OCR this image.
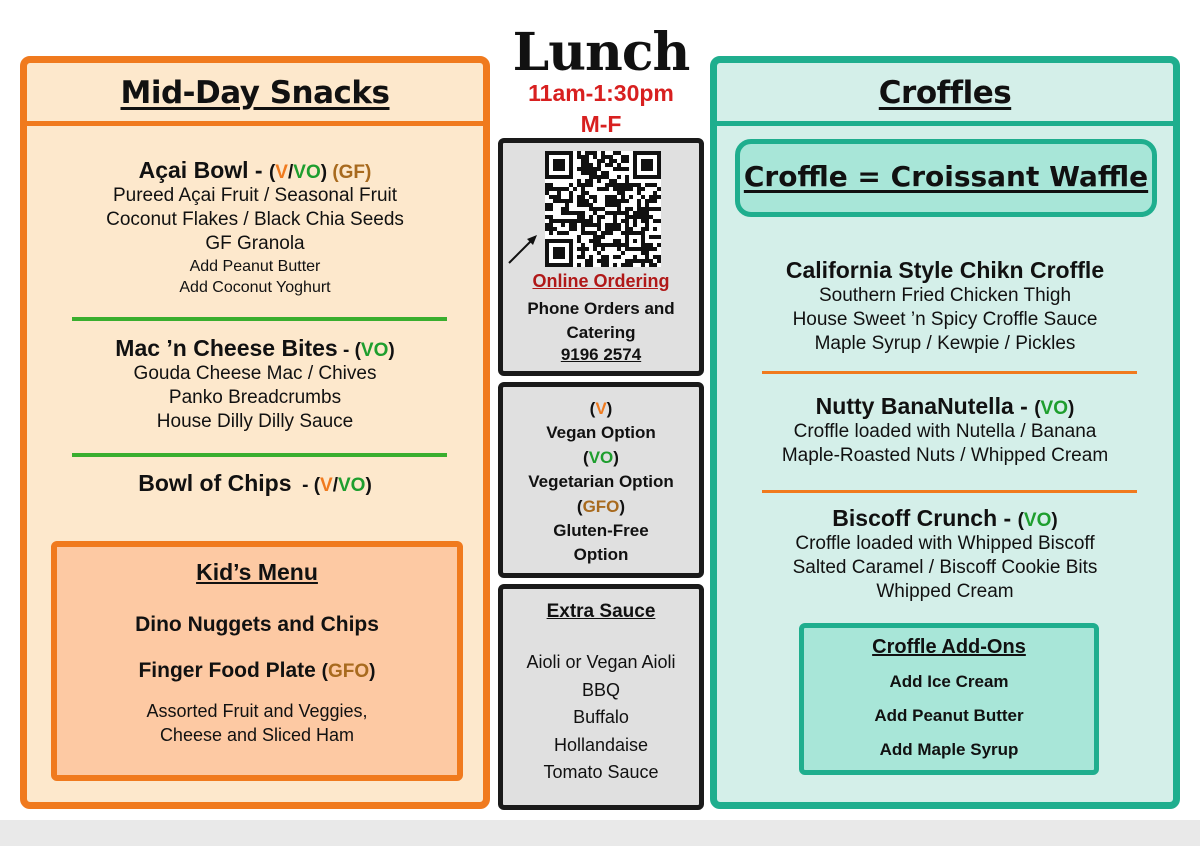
Mid-Day Snacks
Açai Bowl - (V/VO) (GF)
Pureed Açai Fruit / Seasonal Fruit
Coconut Flakes / Black Chia Seeds
GF Granola
Add Peanut Butter
Add Coconut Yoghurt
Mac ’n Cheese Bites - (VO)
Gouda Cheese Mac / Chives
Panko Breadcrumbs
House Dilly Dilly Sauce
Bowl of Chips  - (V/VO)
Kid’s Menu
Dino Nuggets and Chips
Finger Food Plate (GFO)
Assorted Fruit and Veggies,
Cheese and Sliced Ham
Lunch
11am-1:30pm
M-F
Online Ordering
Phone Orders and
Catering
9196 2574
(V)
Vegan Option
(VO)
Vegetarian Option
(GFO)
Gluten-Free
Option
Extra Sauce
Aioli or Vegan Aioli
BBQ
Buffalo
Hollandaise
Tomato Sauce
Croffles
Croffle = Croissant Waffle
California Style Chikn Croffle
Southern Fried Chicken Thigh
House Sweet ’n Spicy Croffle Sauce
Maple Syrup / Kewpie / Pickles
Nutty BanaNutella - (VO)
Croffle loaded with Nutella / Banana
Maple-Roasted Nuts / Whipped Cream
Biscoff Crunch - (VO)
Croffle loaded with Whipped Biscoff
Salted Caramel / Biscoff Cookie Bits
Whipped Cream
Croffle Add-Ons
Add Ice Cream
Add Peanut Butter
Add Maple Syrup
